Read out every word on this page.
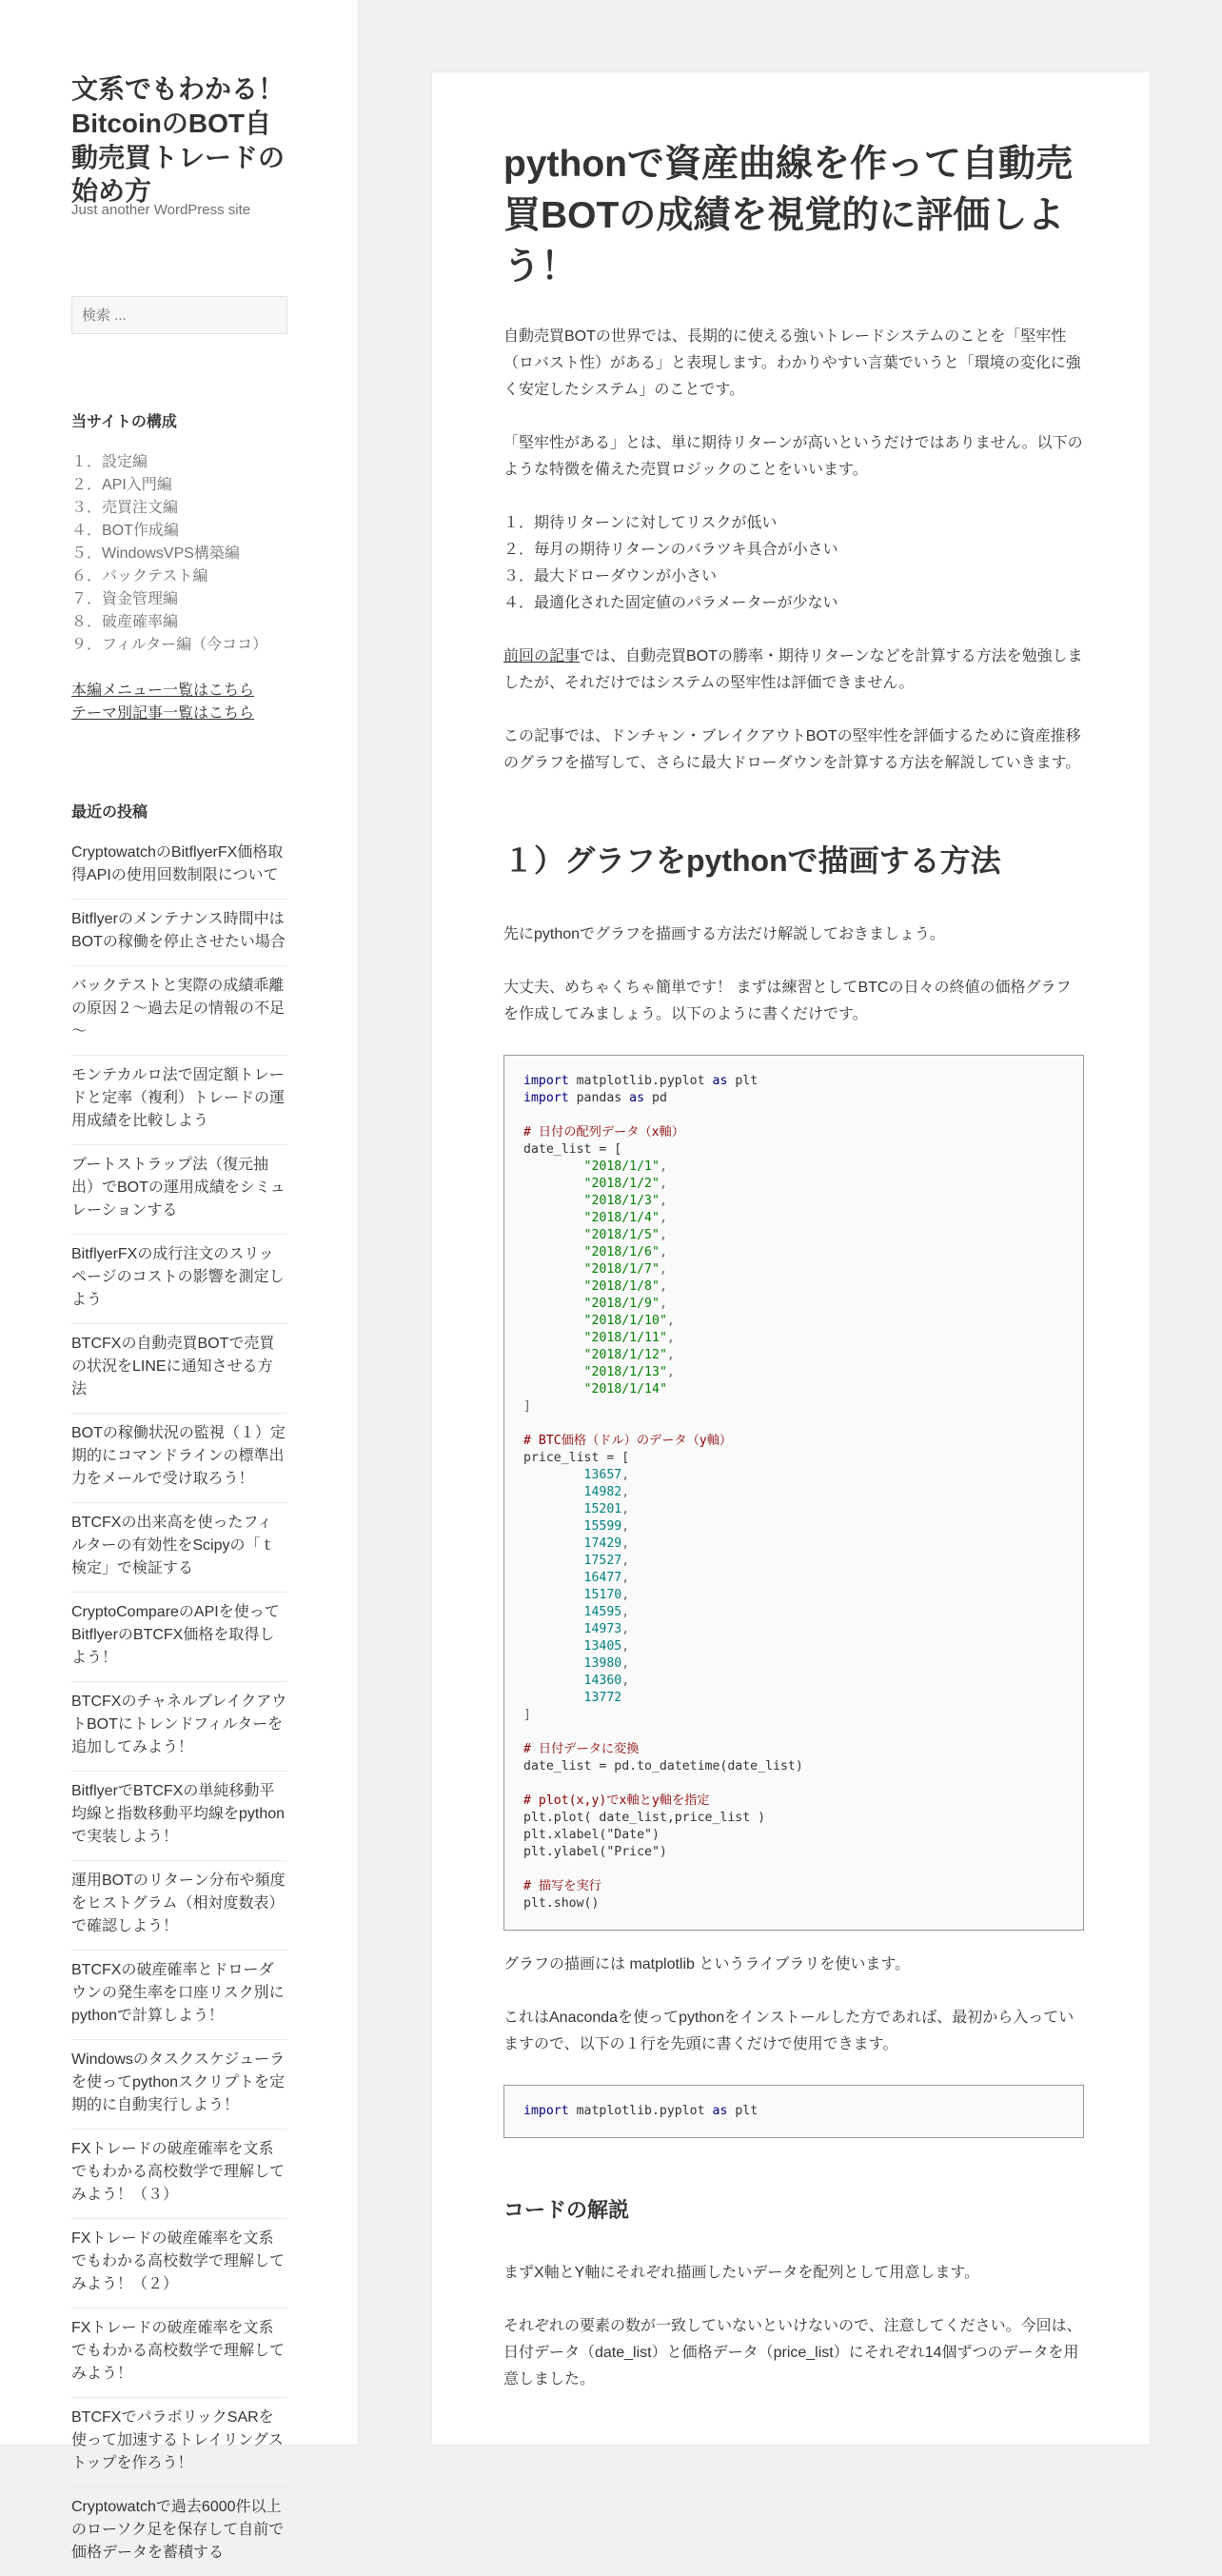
文系でもわかる！BitcoinのBOT自動売買トレードの始め方
Just another WordPress site
検索 ...
当サイトの構成
１．設定編
２．API入門編
３．売買注文編
４．BOT作成編
５．WindowsVPS構築編
６．バックテスト編
７．資金管理編
８．破産確率編
９．フィルター編（今ココ）
本編メニュー一覧はこちら
テーマ別記事一覧はこちら
最近の投稿
CryptowatchのBitflyerFX価格取得APIの使用回数制限について
Bitflyerのメンテナンス時間中はBOTの稼働を停止させたい場合
バックテストと実際の成績乖離の原因２～過去足の情報の不足～
モンテカルロ法で固定額トレードと定率（複利）トレードの運用成績を比較しよう
ブートストラップ法（復元抽出）でBOTの運用成績をシミュレーションする
BitflyerFXの成行注文のスリッページのコストの影響を測定しよう
BTCFXの自動売買BOTで売買の状況をLINEに通知させる方法
BOTの稼働状況の監視（１）定期的にコマンドラインの標準出力をメールで受け取ろう！
BTCFXの出来高を使ったフィルターの有効性をScipyの「ｔ検定」で検証する
CryptoCompareのAPIを使ってBitflyerのBTCFX価格を取得しよう！
BTCFXのチャネルブレイクアウトBOTにトレンドフィルターを追加してみよう！
BitflyerでBTCFXの単純移動平均線と指数移動平均線をpythonで実装しよう！
運用BOTのリターン分布や頻度をヒストグラム（相対度数表）で確認しよう！
BTCFXの破産確率とドローダウンの発生率を口座リスク別にpythonで計算しよう！
Windowsのタスクスケジューラを使ってpythonスクリプトを定期的に自動実行しよう！
FXトレードの破産確率を文系でもわかる高校数学で理解してみよう！（３）
FXトレードの破産確率を文系でもわかる高校数学で理解してみよう！（２）
FXトレードの破産確率を文系でもわかる高校数学で理解してみよう！
BTCFXでパラボリックSARを使って加速するトレイリングストップを作ろう！
Cryptowatchで過去6000件以上のローソク足を保存して自前で価格データを蓄積する
pythonで資産曲線を作って自動売買BOTの成績を視覚的に評価しよう！

自動売買BOTの世界では、長期的に使える強いトレードシステムのことを「堅牢性（ロバスト性）がある」と表現します。わかりやすい言葉でいうと「環境の変化に強く安定したシステム」のことです。

「堅牢性がある」とは、単に期待リターンが高いというだけではありません。以下のような特徴を備えた売買ロジックのことをいいます。

１．期待リターンに対してリスクが低い
２．毎月の期待リターンのバラツキ具合が小さい
３．最大ドローダウンが小さい
４．最適化された固定値のパラメーターが少ない

前回の記事では、自動売買BOTの勝率・期待リターンなどを計算する方法を勉強しましたが、それだけではシステムの堅牢性は評価できません。

この記事では、ドンチャン・ブレイクアウトBOTの堅牢性を評価するために資産推移のグラフを描写して、さらに最大ドローダウンを計算する方法を解説していきます。

１）グラフをpythonで描画する方法

先にpythonでグラフを描画する方法だけ解説しておきましょう。

大丈夫、めちゃくちゃ簡単です！ まずは練習としてBTCの日々の終値の価格グラフを作成してみましょう。以下のように書くだけです。

import matplotlib.pyplot as plt
import pandas as pd

# 日付の配列データ（x軸）
date_list = [
"2018/1/1",
"2018/1/2",
"2018/1/3",
"2018/1/4",
"2018/1/5",
"2018/1/6",
"2018/1/7",
"2018/1/8",
"2018/1/9",
"2018/1/10",
"2018/1/11",
"2018/1/12",
"2018/1/13",
"2018/1/14"
]

# BTC価格（ドル）のデータ（y軸）
price_list = [
13657,
14982,
15201,
15599,
17429,
17527,
16477,
15170,
14595,
14973,
13405,
13980,
14360,
13772
]

# 日付データに変換
date_list = pd.to_datetime(date_list)

# plot(x,y)でx軸とy軸を指定
plt.plot( date_list,price_list )
plt.xlabel("Date")
plt.ylabel("Price")

# 描写を実行
plt.show()

グラフの描画には matplotlib というライブラリを使います。

これはAnacondaを使ってpythonをインストールした方であれば、最初から入っていますので、以下の１行を先頭に書くだけで使用できます。

import matplotlib.pyplot as plt
コードの解説

まずX軸とY軸にそれぞれ描画したいデータを配列として用意します。

それぞれの要素の数が一致していないといけないので、注意してください。今回は、日付データ（date_list）と価格データ（price_list）にそれぞれ14個ずつのデータを用意しました。
